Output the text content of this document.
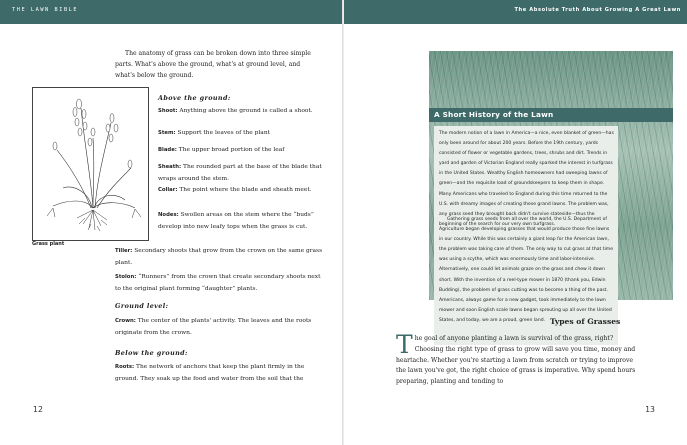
THE LAWN BIBLE

The anatomy of grass can be broken down into three simple parts. What's above the ground, what's at ground level, and what's below the ground.

Grass plant
Above the ground:

Shoot: Anything above the ground is called a shoot.

Stem: Support the leaves of the plant

Blade: The upper broad portion of the leaf

Sheath: The rounded part at the base of the blade that wraps around the stem.

Collar: The point where the blade and sheath meet.

Nodes: Swollen areas on the stem where the “buds” develop into new leafy tops when the grass is cut.

Tiller: Secondary shoots that grow from the crown on the same grass plant.

Stolon: “Runners” from the crown that create secondary shoots next to the original plant forming “daughter” plants.

Ground level:

Crown: The center of the plants' activity. The leaves and the roots originate from the crown.

Below the ground:

Roots: The network of anchors that keep the plant firmly in the ground. They soak up the food and water from the soil that the

12
The Absolute Truth About Growing A Great Lawn
A Short History of the Lawn

The modern notion of a lawn in America—a nice, even blanket of green—has only been around for about 200 years. Before the 19th century, yards consisted of flower or vegetable gardens, trees, shrubs and dirt. Trends in yard and garden of Victorian England really sparked the interest in turfgrass in the United States. Wealthy English homeowners had sweeping lawns of green—and the requisite load of groundskeepers to keep them in shape. Many Americans who traveled to England during this time returned to the U.S. with dreamy images of creating these grand lawns. The problem was, any grass seed they brought back didn't survive stateside—thus the beginning of the search for our very own turfgrass.

Gathering grass seeds from all over the world, the U.S. Department of Agriculture began developing grasses that would produce those fine lawns in our country. While this was certainly a giant leap for the American lawn, the problem was taking care of them. The only way to cut grass at that time was using a scythe, which was enormously time and labor-intensive. Alternatively, one could let animals graze on the grass and chew it down short. With the invention of a reel-type mower in 1870 (thank you, Edwin Budding), the problem of grass cutting was to become a thing of the past. Americans, always game for a new gadget, took immediately to the lawn mower and soon English scale lawns began sprouting up all over the United States, and today, we are a proud, green land. Types of Grasses

The goal of anyone planting a lawn is survival of the grass, right? Choosing the right type of grass to grow will save you time, money and heartache. Whether you're starting a lawn from scratch or trying to improve the lawn you've got, the right choice of grass is imperative. Why spend hours preparing, planting and tending to

13
